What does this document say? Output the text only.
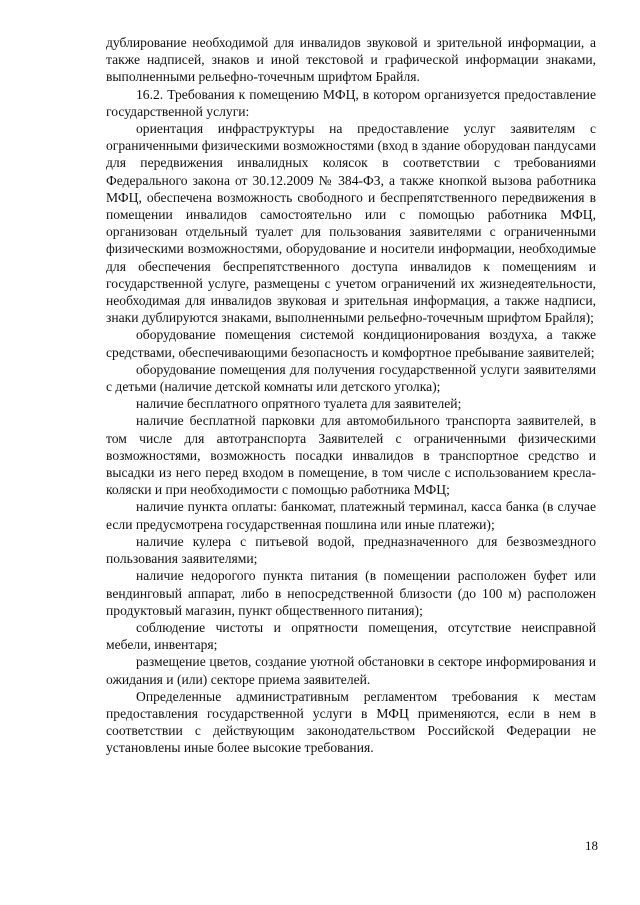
дублирование необходимой для инвалидов звуковой и зрительной информации, а также надписей, знаков и иной текстовой и графической информации знаками, выполненными рельефно-точечным шрифтом Брайля.

16.2. Требования к помещению МФЦ, в котором организуется предоставление государственной услуги:

ориентация инфраструктуры на предоставление услуг заявителям с ограниченными физическими возможностями (вход в здание оборудован пандусами для передвижения инвалидных колясок в соответствии с требованиями Федерального закона от 30.12.2009 № 384-ФЗ, а также кнопкой вызова работника МФЦ, обеспечена возможность свободного и беспрепятственного передвижения в помещении инвалидов самостоятельно или с помощью работника МФЦ, организован отдельный туалет для пользования заявителями с ограниченными физическими возможностями, оборудование и носители информации, необходимые для обеспечения беспрепятственного доступа инвалидов к помещениям и государственной услуге, размещены с учетом ограничений их жизнедеятельности, необходимая для инвалидов звуковая и зрительная информация, а также надписи, знаки дублируются знаками, выполненными рельефно-точечным шрифтом Брайля);

оборудование помещения системой кондиционирования воздуха, а также средствами, обеспечивающими безопасность и комфортное пребывание заявителей;

оборудование помещения для получения государственной услуги заявителями с детьми (наличие детской комнаты или детского уголка);

наличие бесплатного опрятного туалета для заявителей;

наличие бесплатной парковки для автомобильного транспорта заявителей, в том числе для автотранспорта Заявителей с ограниченными физическими возможностями, возможность посадки инвалидов в транспортное средство и высадки из него перед входом в помещение, в том числе с использованием кресла-коляски и при необходимости с помощью работника МФЦ;

наличие пункта оплаты: банкомат, платежный терминал, касса банка (в случае если предусмотрена государственная пошлина или иные платежи);

наличие кулера с питьевой водой, предназначенного для безвозмездного пользования заявителями;

наличие недорогого пункта питания (в помещении расположен буфет или вендинговый аппарат, либо в непосредственной близости (до 100 м) расположен продуктовый магазин, пункт общественного питания);

соблюдение чистоты и опрятности помещения, отсутствие неисправной мебели, инвентаря;

размещение цветов, создание уютной обстановки в секторе информирования и ожидания и (или) секторе приема заявителей.

Определенные административным регламентом требования к местам предоставления государственной услуги в МФЦ применяются, если в нем в соответствии с действующим законодательством Российской Федерации не установлены иные более высокие требования.

18
